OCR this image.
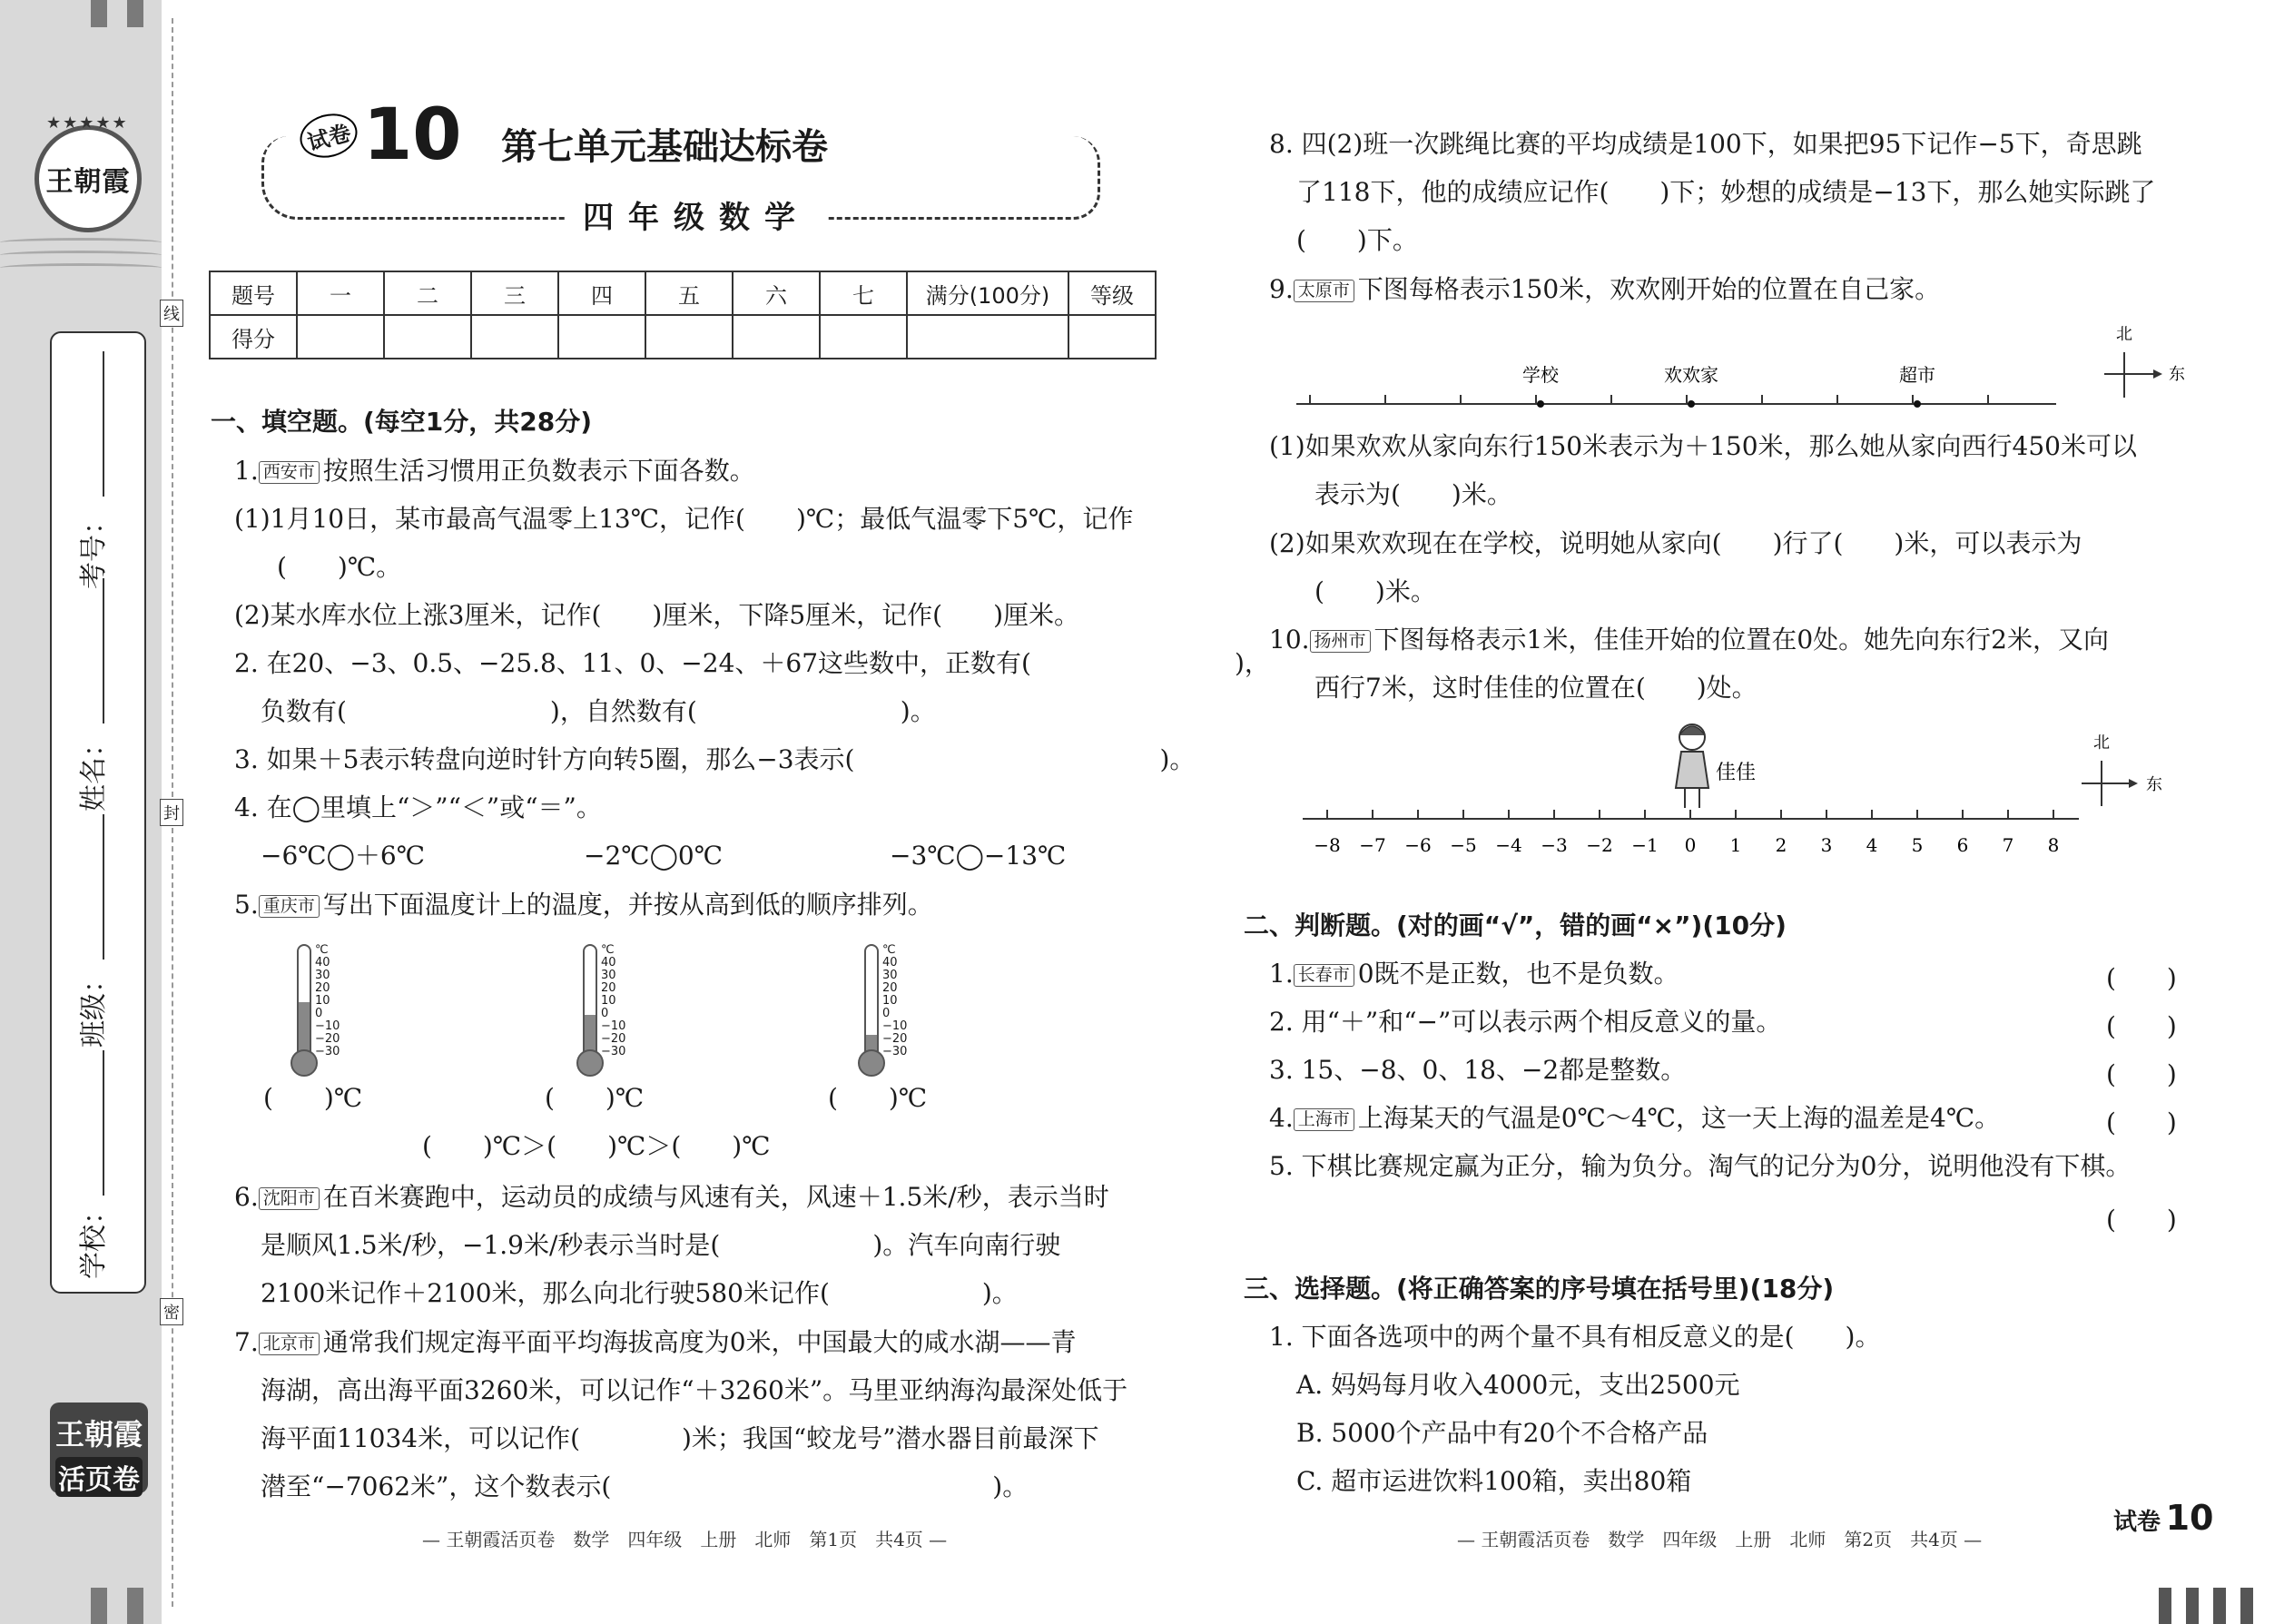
★★★★★
王朝霞
考号：
姓名：
班级：
学校：
王朝霞
活页卷
线
封
密
试卷 10 第七单元基础达标卷
四年级数学
题号	一	二	三	四	五	六	七	满分(100分)	等级
得分									
一、填空题。(每空1分，共28分)
1. 西安市 按照生活习惯用正负数表示下面各数。
(1)1月10日，某市最高气温零上13℃，记作(　　)℃；最低气温零下5℃，记作
(　　)℃。
(2)某水库水位上涨3厘米，记作(　　)厘米，下降5厘米，记作(　　)厘米。
2. 在20、−3、0.5、−25.8、11、0、−24、＋67这些数中，正数有(　　　　　　　　)，
负数有(　　　　　　　　)，自然数有(　　　　　　　　)。
3. 如果＋5表示转盘向逆时针方向转5圈，那么−3表示(　　　　　　　　　　　　)。
4. 在◯里填上“＞”“＜”或“＝”。
−6℃◯＋6℃	−2℃◯0℃	−3℃◯−13℃
5. 重庆市 写出下面温度计上的温度，并按从高到低的顺序排列。
℃
40
30
20
10
0
−10
−20
−30
℃
40
30
20
10
0
−10
−20
−30
℃
40
30
20
10
0
−10
−20
−30
(　　)℃	(　　)℃	(　　)℃
(　　)℃＞(　　)℃＞(　　)℃
6. 沈阳市 在百米赛跑中，运动员的成绩与风速有关，风速＋1.5米/秒，表示当时
是顺风1.5米/秒，−1.9米/秒表示当时是(　　　　　　)。汽车向南行驶
2100米记作＋2100米，那么向北行驶580米记作(　　　　　　)。
7. 北京市 通常我们规定海平面平均海拔高度为0米，中国最大的咸水湖——青
海湖，高出海平面3260米，可以记作“＋3260米”。马里亚纳海沟最深处低于
海平面11034米，可以记作(　　　　)米；我国“蛟龙号”潜水器目前最深下
潜至“−7062米”，这个数表示(　　　　　　　　　　　　　　　)。
— 王朝霞活页卷　数学　四年级　上册　北师　第1页　共4页 —
8. 四(2)班一次跳绳比赛的平均成绩是100下，如果把95下记作−5下，奇思跳
了118下，他的成绩应记作(　　)下；妙想的成绩是−13下，那么她实际跳了
(　　)下。
9. 太原市 下图每格表示150米，欢欢刚开始的位置在自己家。
学校	欢欢家	超市
北
东
(1)如果欢欢从家向东行150米表示为＋150米，那么她从家向西行450米可以
表示为(　　)米。
(2)如果欢欢现在在学校，说明她从家向(　　)行了(　　)米，可以表示为
(　　)米。
10. 扬州市 下图每格表示1米，佳佳开始的位置在0处。她先向东行2米，又向
西行7米，这时佳佳的位置在(　　)处。
佳佳
−8 −7 −6 −5 −4 −3 −2 −1 0 1 2 3 4 5 6 7 8
北
东
二、判断题。(对的画“√”，错的画“×”)(10分)
1. 长春市 0既不是正数，也不是负数。	(　　)
2. 用“＋”和“−”可以表示两个相反意义的量。	(　　)
3. 15、−8、0、18、−2都是整数。	(　　)
4. 上海市 上海某天的气温是0℃～4℃，这一天上海的温差是4℃。	(　　)
5. 下棋比赛规定赢为正分，输为负分。淘气的记分为0分，说明他没有下棋。
(　　)
三、选择题。(将正确答案的序号填在括号里)(18分)
1. 下面各选项中的两个量不具有相反意义的是(　　)。
A. 妈妈每月收入4000元，支出2500元
B. 5000个产品中有20个不合格产品
C. 超市运进饮料100箱，卖出80箱
— 王朝霞活页卷　数学　四年级　上册　北师　第2页　共4页 —
试卷 10
